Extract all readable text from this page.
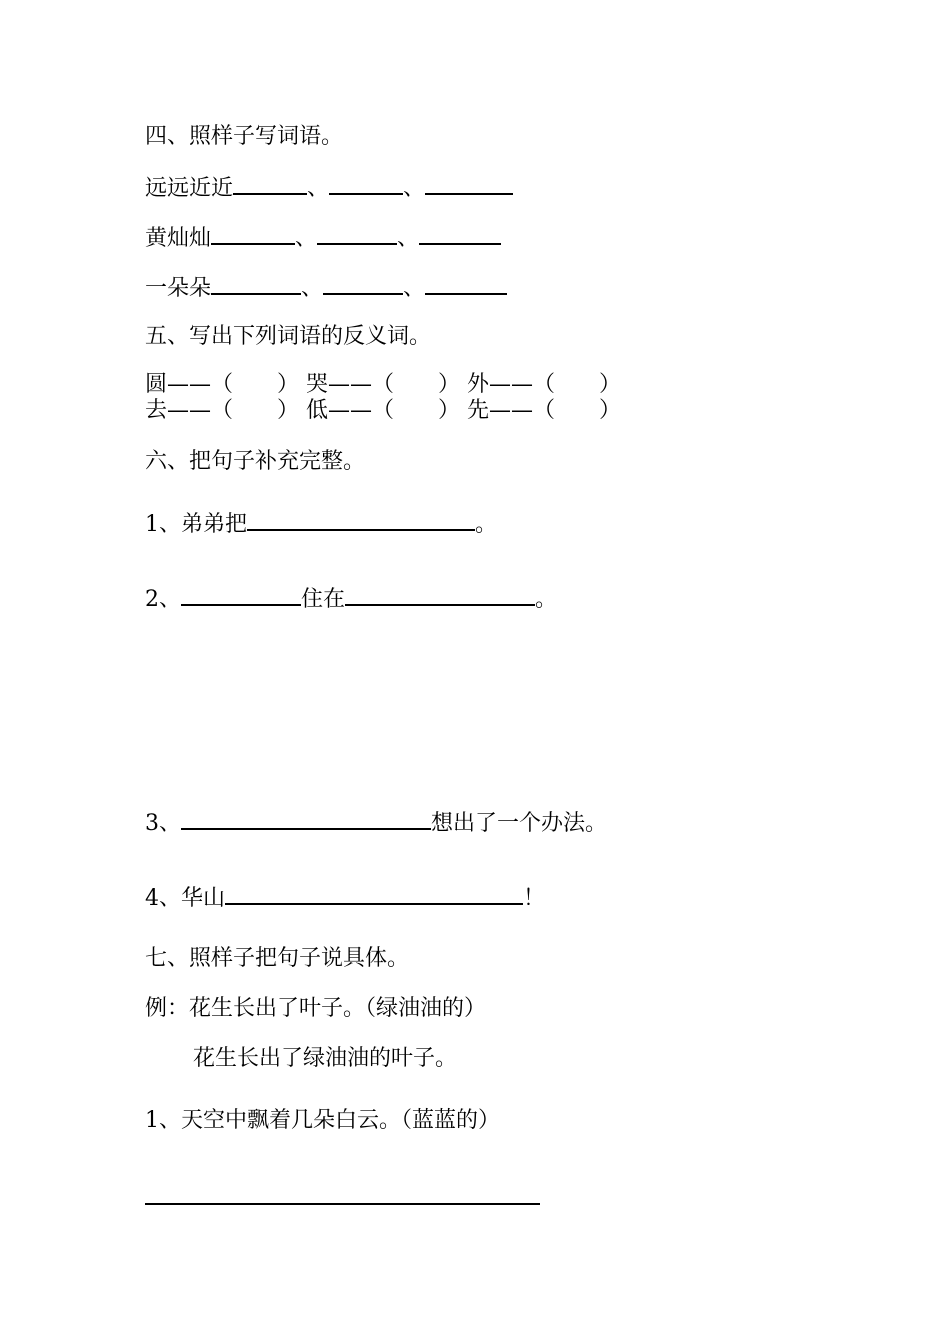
四、照样子写词语。
远远近近	、	、
黄灿灿	、	、
一朵朵	、	、
五、写出下列词语的反义词。
圆——（　　） 哭——（　　） 外——（　　）
去——（　　） 低——（　　） 先——（　　）
六、把句子补充完整。
1、弟弟把	。
2、	住在	。
3、	想出了一个办法。
4、华山	！
七、照样子把句子说具体。
例：花生长出了叶子。（绿油油的）
花生长出了绿油油的叶子。
1、天空中飘着几朵白云。（蓝蓝的）
